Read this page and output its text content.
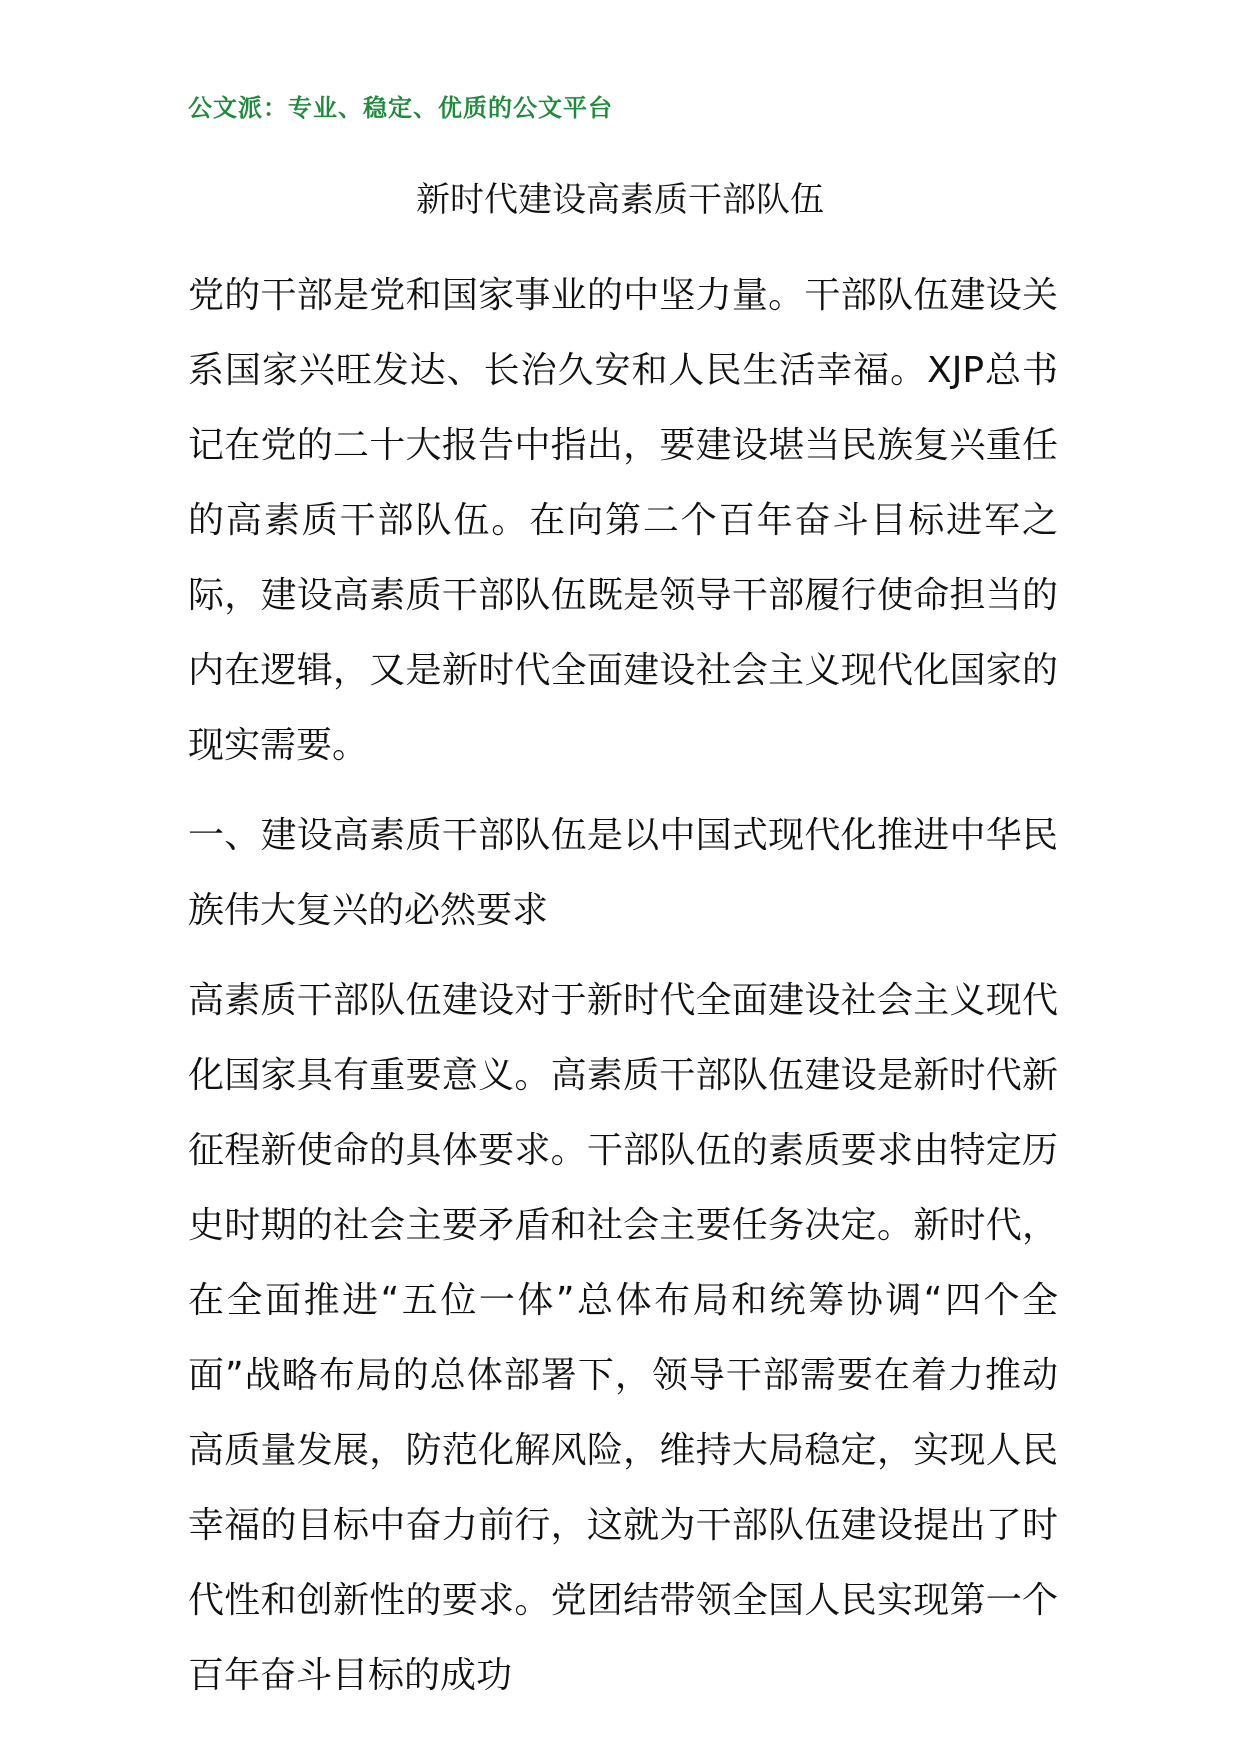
公文派：专业、稳定、优质的公文平台
新时代建设高素质干部队伍

党的干部是党和国家事业的中坚力量。干部队伍建设关系国家兴旺发达、长治久安和人民生活幸福。XJP总书记在党的二十大报告中指出，要建设堪当民族复兴重任的高素质干部队伍。在向第二个百年奋斗目标进军之际，建设高素质干部队伍既是领导干部履行使命担当的内在逻辑，又是新时代全面建设社会主义现代化国家的现实需要。

一、建设高素质干部队伍是以中国式现代化推进中华民族伟大复兴的必然要求

高素质干部队伍建设对于新时代全面建设社会主义现代化国家具有重要意义。高素质干部队伍建设是新时代新征程新使命的具体要求。干部队伍的素质要求由特定历史时期的社会主要矛盾和社会主要任务决定。新时代，在全面推进“五位一体”总体布局和统筹协调“四个全面”战略布局的总体部署下，领导干部需要在着力推动高质量发展，防范化解风险，维持大局稳定，实现人民幸福的目标中奋力前行，这就为干部队伍建设提出了时代性和创新性的要求。党团结带领全国人民实现第一个百年奋斗目标的成功
